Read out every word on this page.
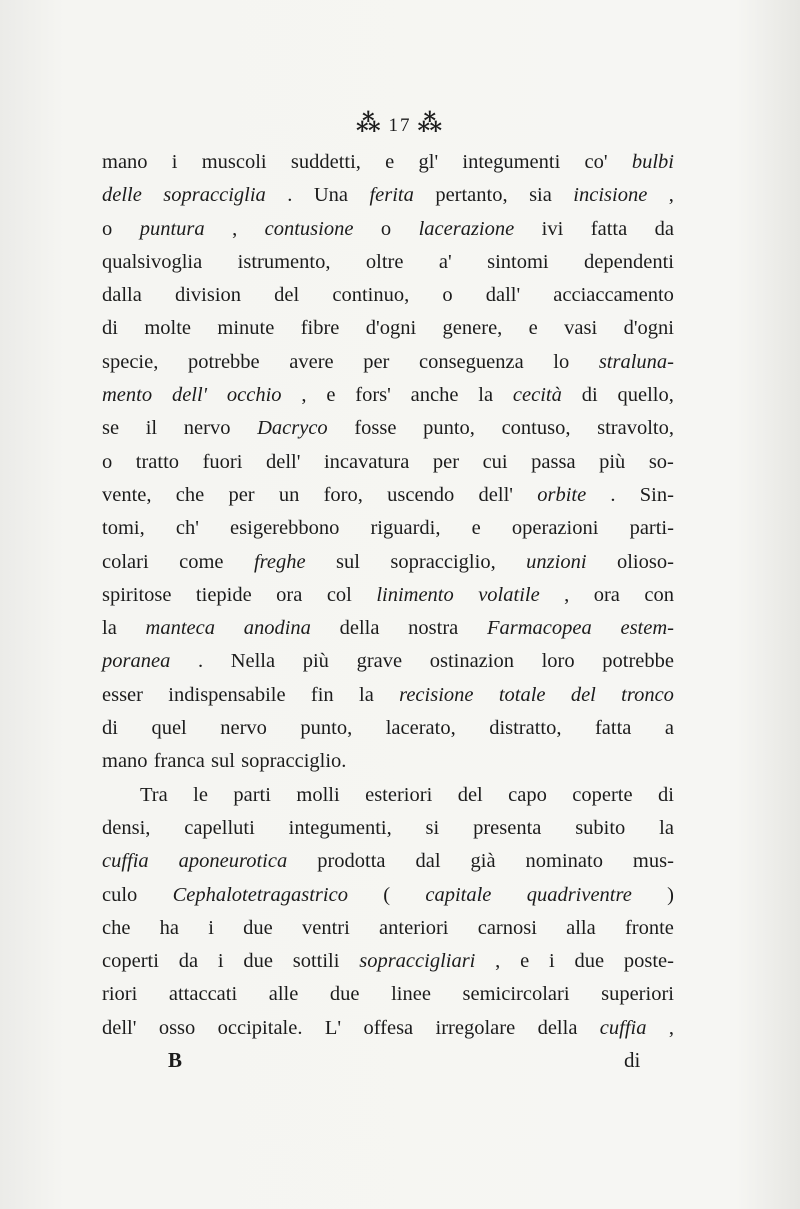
⁂ 17 ⁂
mano i muscoli suddetti, e gl' integumenti co' bulbi
delle sopracciglia . Una ferita pertanto, sia incisione ,
o puntura , contusione o lacerazione ivi fatta da
qualsivoglia istrumento, oltre a' sintomi dependenti
dalla division del continuo, o dall' acciaccamento
di molte minute fibre d'ogni genere, e vasi d'ogni
specie, potrebbe avere per conseguenza lo straluna-
mento dell' occhio , e fors' anche la cecità di quello,
se il nervo Dacryco fosse punto, contuso, stravolto,
o tratto fuori dell' incavatura per cui passa più so-
vente, che per un foro, uscendo dell' orbite . Sin-
tomi, ch' esigerebbono riguardi, e operazioni parti-
colari come freghe sul sopracciglio, unzioni olioso-
spiritose tiepide ora col linimento volatile , ora con
la manteca anodina della nostra Farmacopea estem-
poranea . Nella più grave ostinazion loro potrebbe
esser indispensabile fin la recisione totale del tronco
di quel nervo punto, lacerato, distratto, fatta a
mano franca sul sopracciglio.
Tra le parti molli esteriori del capo coperte di
densi, capelluti integumenti, si presenta subito la
cuffia aponeurotica prodotta dal già nominato mus-
culo Cephalotetragastrico ( capitale quadriventre )
che ha i due ventri anteriori carnosi alla fronte
coperti da i due sottili sopraccigliari , e i due poste-
riori attaccati alle due linee semicircolari superiori
dell' osso occipitale. L' offesa irregolare della cuffia ,
B	di
